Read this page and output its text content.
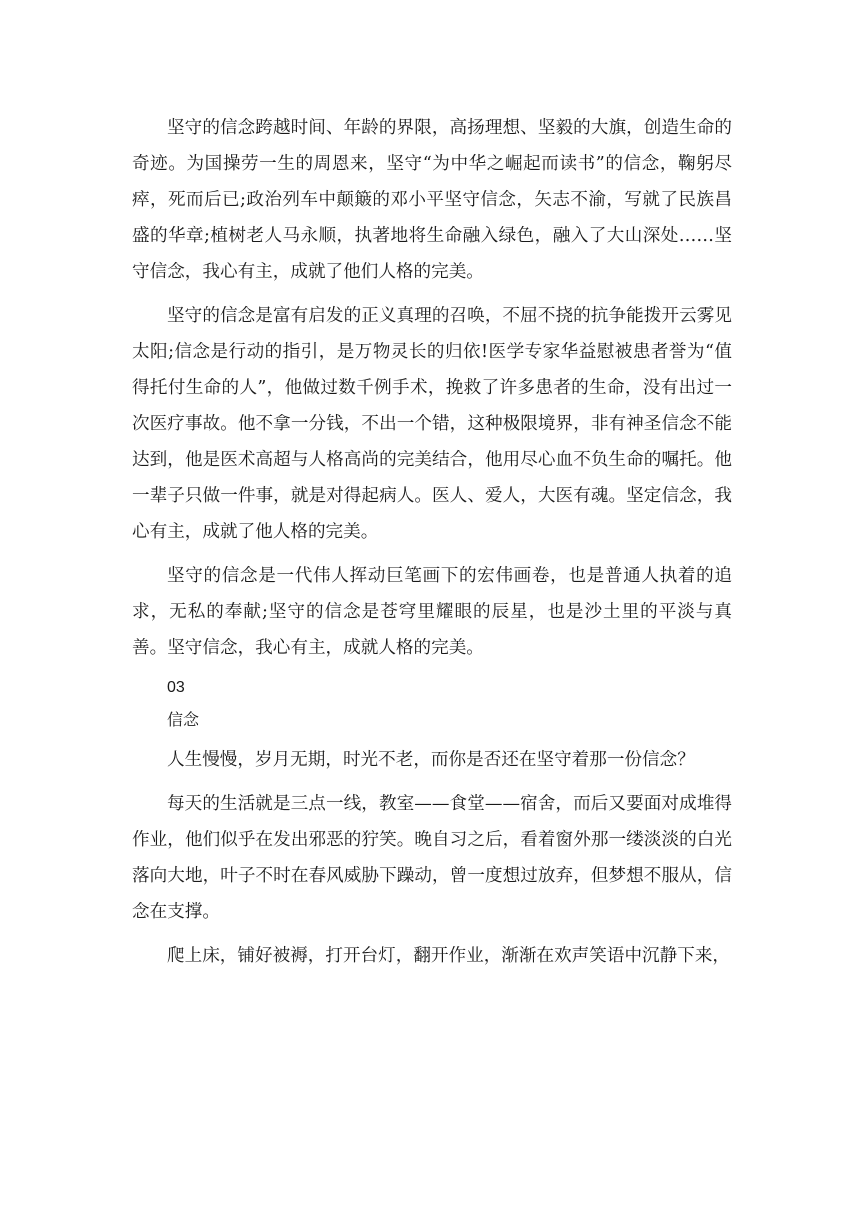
坚守的信念跨越时间、年龄的界限，高扬理想、坚毅的大旗，创造生命的奇迹。为国操劳一生的周恩来，坚守“为中华之崛起而读书”的信念，鞠躬尽瘁，死而后已;政治列车中颠簸的邓小平坚守信念，矢志不渝，写就了民族昌盛的华章;植树老人马永顺，执著地将生命融入绿色，融入了大山深处……坚守信念，我心有主，成就了他们人格的完美。

坚守的信念是富有启发的正义真理的召唤，不屈不挠的抗争能拨开云雾见太阳;信念是行动的指引，是万物灵长的归依!医学专家华益慰被患者誉为“值得托付生命的人”，他做过数千例手术，挽救了许多患者的生命，没有出过一次医疗事故。他不拿一分钱，不出一个错，这种极限境界，非有神圣信念不能达到，他是医术高超与人格高尚的完美结合，他用尽心血不负生命的嘱托。他一辈子只做一件事，就是对得起病人。医人、爱人，大医有魂。坚定信念，我心有主，成就了他人格的完美。

坚守的信念是一代伟人挥动巨笔画下的宏伟画卷，也是普通人执着的追求，无私的奉献;坚守的信念是苍穹里耀眼的辰星，也是沙土里的平淡与真善。坚守信念，我心有主，成就人格的完美。

03

信念

人生慢慢，岁月无期，时光不老，而你是否还在坚守着那一份信念？

每天的生活就是三点一线，教室——食堂——宿舍，而后又要面对成堆得作业，他们似乎在发出邪恶的狞笑。晚自习之后，看着窗外那一缕淡淡的白光落向大地，叶子不时在春风威胁下躁动，曾一度想过放弃，但梦想不服从，信念在支撑。

爬上床，铺好被褥，打开台灯，翻开作业，渐渐在欢声笑语中沉静下来，
